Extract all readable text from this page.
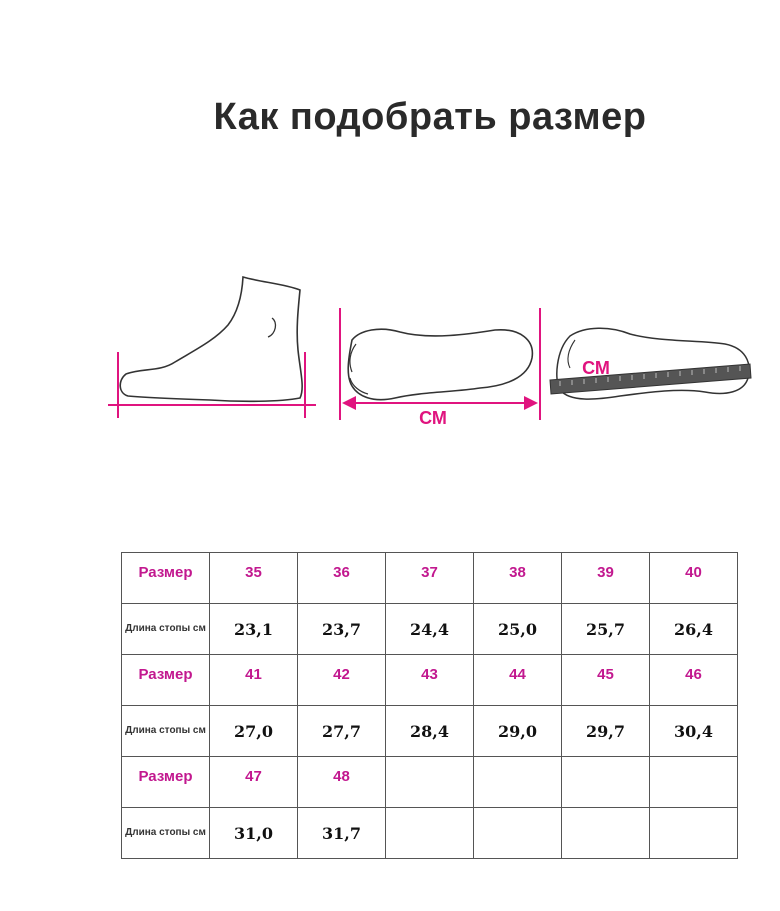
Как подобрать размер
СМ
СМ
Размер	35	36	37	38	39	40

Длина стопы см	23,1	23,7	24,4	25,0	25,7	26,4

Размер	41	42	43	44	45	46

Длина стопы см	27,0	27,7	28,4	29,0	29,7	30,4

Размер	47	48				

Длина стопы см	31,0	31,7				
